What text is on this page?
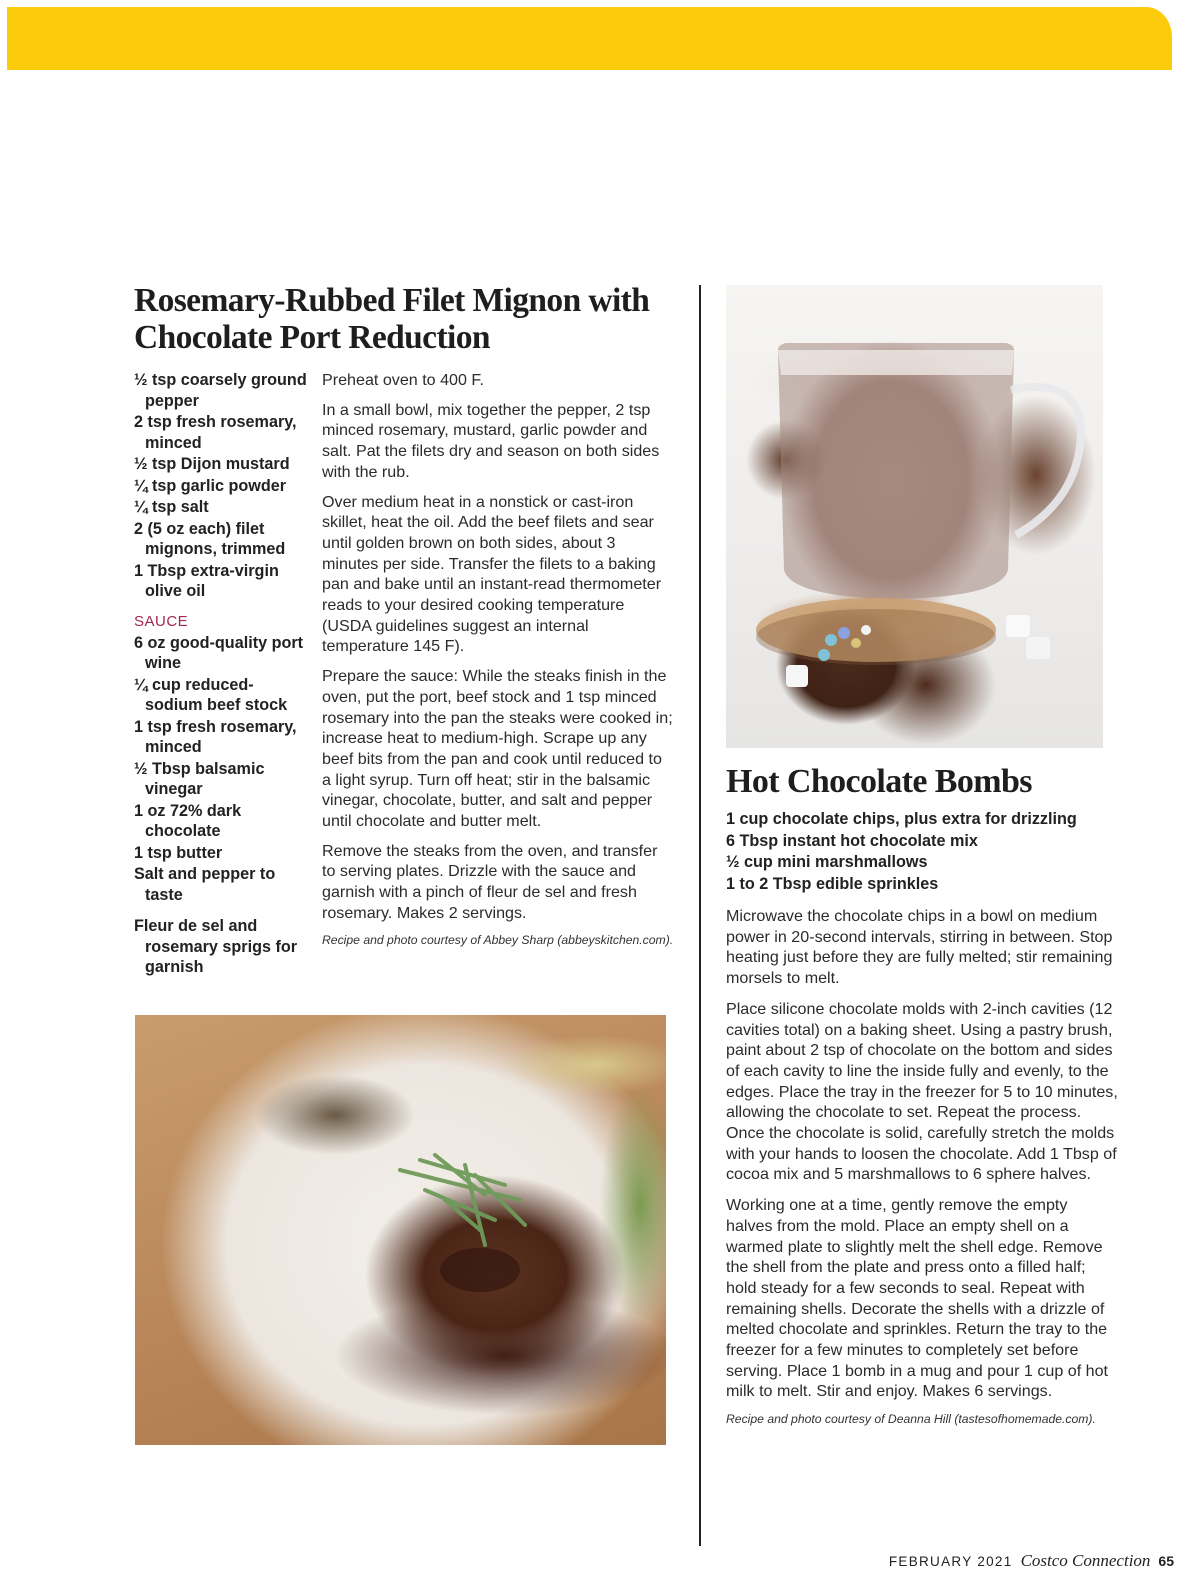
Rosemary-Rubbed Filet Mignon with Chocolate Port Reduction
½ tsp coarsely ground pepper
2 tsp fresh rosemary, minced
½ tsp Dijon mustard
¼ tsp garlic powder
¼ tsp salt
2 (5 oz each) filet mignons, trimmed
1 Tbsp extra-virgin olive oil
SAUCE
6 oz good-quality port wine
¼ cup reduced-sodium beef stock
1 tsp fresh rosemary, minced
½ Tbsp balsamic vinegar
1 oz 72% dark chocolate
1 tsp butter
Salt and pepper to taste
Fleur de sel and rosemary sprigs for garnish

Preheat oven to 400 F.

In a small bowl, mix together the pepper, 2 tsp minced rosemary, mustard, garlic powder and salt. Pat the filets dry and season on both sides with the rub.

Over medium heat in a nonstick or cast-iron skillet, heat the oil. Add the beef filets and sear until golden brown on both sides, about 3 minutes per side. Transfer the filets to a baking pan and bake until an instant-read thermometer reads to your desired cooking temperature (USDA guidelines suggest an internal temperature 145 F).

Prepare the sauce: While the steaks finish in the oven, put the port, beef stock and 1 tsp minced rosemary into the pan the steaks were cooked in; increase heat to medium-high. Scrape up any beef bits from the pan and cook until reduced to a light syrup. Turn off heat; stir in the balsamic vinegar, chocolate, butter, and salt and pepper until chocolate and butter melt.

Remove the steaks from the oven, and transfer to serving plates. Drizzle with the sauce and garnish with a pinch of fleur de sel and fresh rosemary. Makes 2 servings.

Recipe and photo courtesy of Abbey Sharp (abbeyskitchen.com).

Hot Chocolate Bombs
1 cup chocolate chips, plus extra for drizzling
6 Tbsp instant hot chocolate mix
½ cup mini marshmallows
1 to 2 Tbsp edible sprinkles

Microwave the chocolate chips in a bowl on medium power in 20-second intervals, stirring in between. Stop heating just before they are fully melted; stir remaining morsels to melt.

Place silicone chocolate molds with 2-inch cavities (12 cavities total) on a baking sheet. Using a pastry brush, paint about 2 tsp of chocolate on the bottom and sides of each cavity to line the inside fully and evenly, to the edges. Place the tray in the freezer for 5 to 10 minutes, allowing the chocolate to set. Repeat the process. Once the chocolate is solid, carefully stretch the molds with your hands to loosen the chocolate. Add 1 Tbsp of cocoa mix and 5 marshmallows to 6 sphere halves.

Working one at a time, gently remove the empty halves from the mold. Place an empty shell on a warmed plate to slightly melt the shell edge. Remove the shell from the plate and press onto a filled half; hold steady for a few seconds to seal. Repeat with remaining shells. Decorate the shells with a drizzle of melted chocolate and sprinkles. Return the tray to the freezer for a few minutes to completely set before serving. Place 1 bomb in a mug and pour 1 cup of hot milk to melt. Stir and enjoy. Makes 6 servings.

Recipe and photo courtesy of Deanna Hill (tastesofhomemade.com).

FEBRUARY 2021 Costco Connection 65
